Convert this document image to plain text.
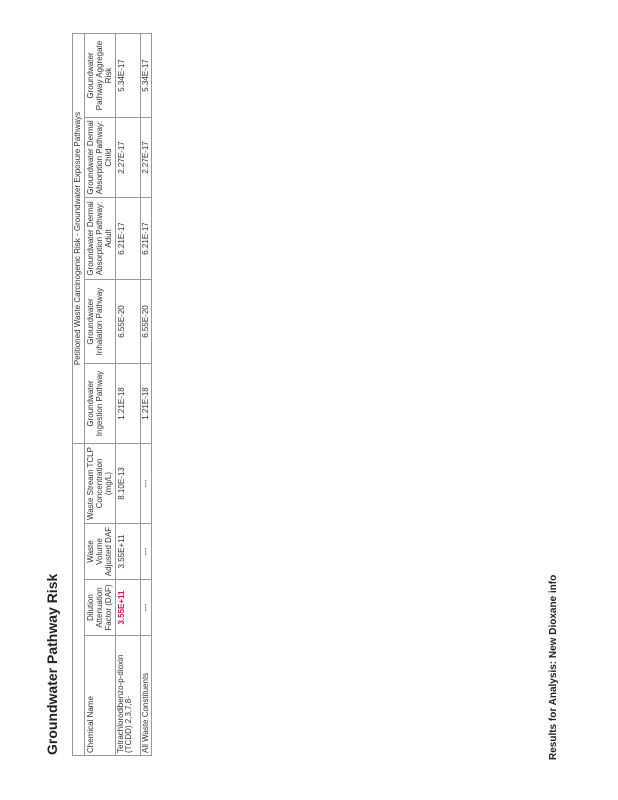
Groundwater Pathway Risk
				Petitioned Waste Carcinogenic Risk - Groundwater Exposure Pathways				
Chemical Name	Dilution Attenuation Factor (DAF)	Waste Volume Adjusted DAF	Waste Stream TCLP Concentration (mg/L)	Groundwater Ingestion Pathway	Groundwater Inhalation Pathway	Groundwater Dermal Absorption Pathway: Adult	Groundwater Dermal Absorption Pathway: Child	Groundwater Pathway Aggregate Risk
Tetrachlorodibenzo-p-dioxin (TCDD) 2,3,7,8-	3.55E+11	3.55E+11	8.10E-13	1.21E-18	6.55E-20	6.21E-17	2.27E-17	5.34E-17
All Waste Constituents	---	---	---	1.21E-18	6.55E-20	6.21E-17	2.27E-17	5.34E-17
Results for Analysis: New Dioxane info
